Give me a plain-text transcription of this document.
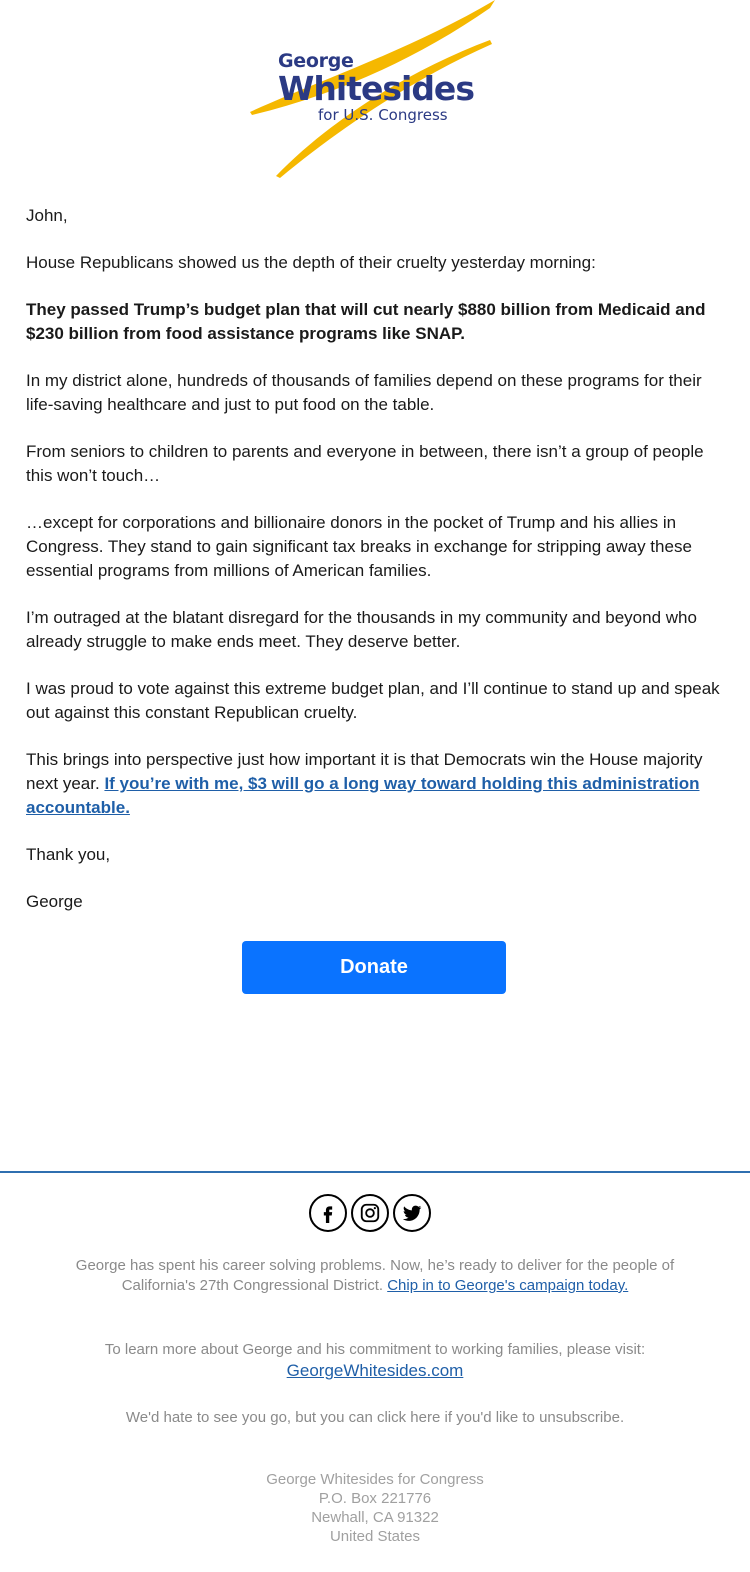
George
Whitesides
for U.S. Congress

John,

House Republicans showed us the depth of their cruelty yesterday morning:

They passed Trump’s budget plan that will cut nearly $880 billion from Medicaid and $230 billion from food assistance programs like SNAP.

In my district alone, hundreds of thousands of families depend on these programs for their life-saving healthcare and just to put food on the table.

From seniors to children to parents and everyone in between, there isn’t a group of people this won’t touch…

…except for corporations and billionaire donors in the pocket of Trump and his allies in Congress. They stand to gain significant tax breaks in exchange for stripping away these essential programs from millions of American families.

I’m outraged at the blatant disregard for the thousands in my community and beyond who already struggle to make ends meet. They deserve better.

I was proud to vote against this extreme budget plan, and I’ll continue to stand up and speak out against this constant Republican cruelty.

This brings into perspective just how important it is that Democrats win the House majority next year. If you’re with me, $3 will go a long way toward holding this administration accountable.

Thank you,

George

Donate
George has spent his career solving problems. Now, he’s ready to deliver for the people of California's 27th Congressional District. Chip in to George's campaign today.
To learn more about George and his commitment to working families, please visit:
GeorgeWhitesides.com
We'd hate to see you go, but you can click here if you'd like to unsubscribe.
George Whitesides for Congress
P.O. Box 221776
Newhall, CA 91322
United States
